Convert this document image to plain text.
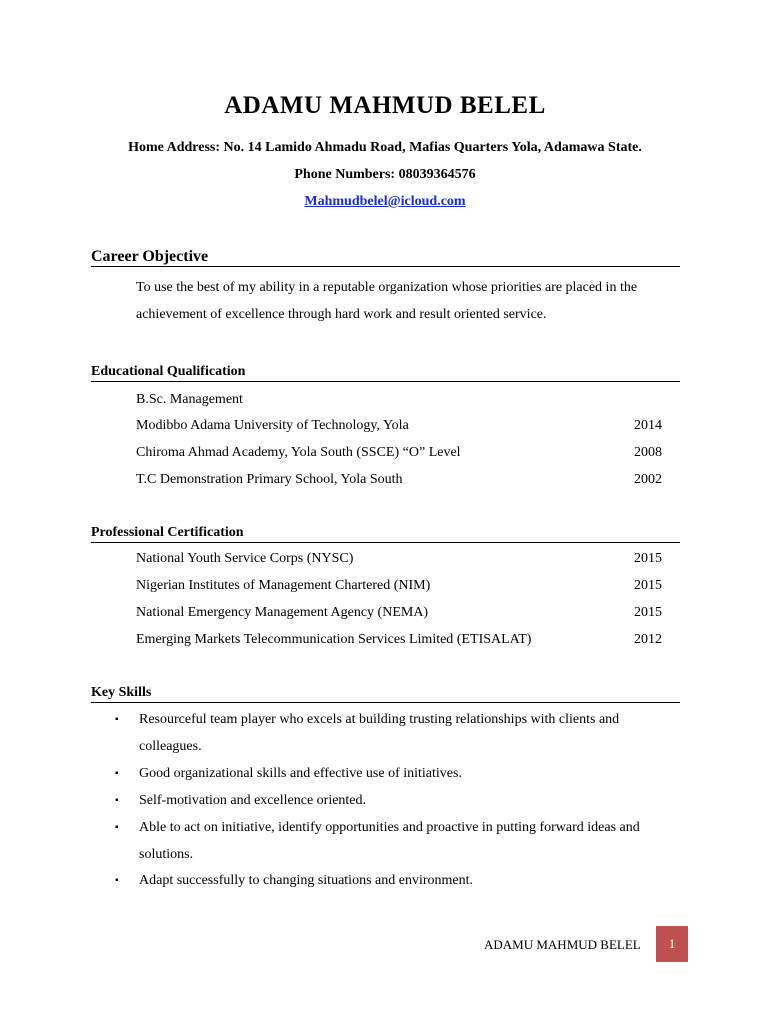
ADAMU MAHMUD BELEL
Home Address: No. 14 Lamido Ahmadu Road, Mafias Quarters Yola, Adamawa State.
Phone Numbers: 08039364576
Mahmudbelel@icloud.com
Career Objective
To use the best of my ability in a reputable organization whose priorities are placed in the
achievement of excellence through hard work and result oriented service.
Educational Qualification
B.Sc. Management
Modibbo Adama University of Technology, Yola	2014
Chiroma Ahmad Academy, Yola South (SSCE) “O” Level	2008
T.C Demonstration Primary School, Yola South	2002
Professional Certification
National Youth Service Corps (NYSC)	2015
Nigerian Institutes of Management Chartered (NIM)	2015
National Emergency Management Agency (NEMA)	2015
Emerging Markets Telecommunication Services Limited (ETISALAT)	2012
Key Skills
▪ Resourceful team player who excels at building trusting relationships with clients and
colleagues.
▪ Good organizational skills and effective use of initiatives.
▪ Self-motivation and excellence oriented.
▪ Able to act on initiative, identify opportunities and proactive in putting forward ideas and
solutions.
▪ Adapt successfully to changing situations and environment.
ADAMU MAHMUD BELEL	1
